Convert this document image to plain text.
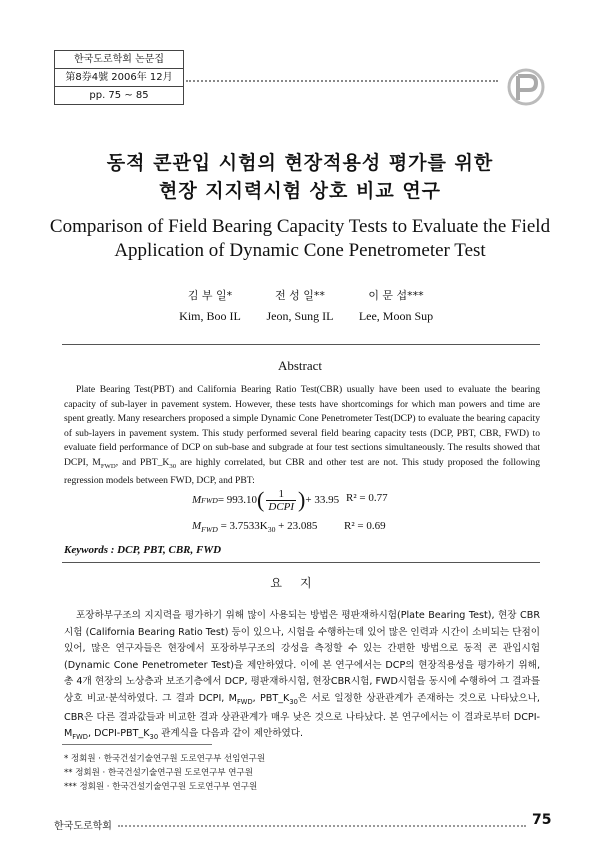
한국도로학회 논문집
第8券4號 2006年 12月
pp. 75 ~ 85
동적 콘관입 시험의 현장적용성 평가를 위한
현장 지지력시험 상호 비교 연구
Comparison of Field Bearing Capacity Tests to Evaluate the Field
Application of Dynamic Cone Penetrometer Test
김 부 일*
Kim, Boo IL
전 성 일**
Jeon, Sung IL
이 문 섭***
Lee, Moon Sup
Abstract
Plate Bearing Test(PBT) and California Bearing Ratio Test(CBR) usually have been used to evaluate the bearing capacity of sub-layer in pavement system. However, these tests have shortcomings for which man powers and time are spent greatly. Many researchers proposed a simple Dynamic Cone Penetrometer Test(DCP) to evaluate the bearing capacity of sub-layers in pavement system. This study performed several field bearing capacity tests (DCP, PBT, CBR, FWD) to evaluate field performance of DCP on sub-base and subgrade at four test sections simultaneously. The results showed that DCPI, $M_{FWD}$, and $PBT\_K_{30}$ are highly correlated, but CBR and other test are not. This study proposed the following regression models between FWD, DCP, and PBT:
M FWD = 993.10 ( 1
DCPI ) + 33.95 R² = 0.77
$M_{FWD} = 3.7533K_{30} + 23.085$ R² = 0.69
Keywords : DCP, PBT, CBR, FWD
요지
포장하부구조의 지지력을 평가하기 위해 많이 사용되는 방법은 평판재하시험(Plate Bearing Test), 현장 CBR 시험 (California Bearing Ratio Test) 등이 있으나, 시험을 수행하는데 있어 많은 인력과 시간이 소비되는 단점이 있어, 많은 연구자들은 현장에서 포장하부구조의 강성을 측정할 수 있는 간편한 방법으로 동적 콘 관입시험(Dynamic Cone Penetrometer Test)을 제안하였다. 이에 본 연구에서는 DCP의 현장적용성을 평가하기 위해, 총 4개 현장의 노상층과 보조기층에서 DCP, 평판재하시험, 현장CBR시험, FWD시험을 동시에 수행하여 그 결과를 상호 비교·분석하였다. 그 결과 DCPI, $M_{FWD}$, $PBT\_K_{30}$은 서로 일정한 상관관계가 존재하는 것으로 나타났으나, CBR은 다른 결과값들과 비교한 결과 상관관계가 매우 낮은 것으로 나타났다. 본 연구에서는 이 결과로부터 DCPI-$M_{FWD}$, DCPI-$PBT\_K_{30}$ 관계식을 다음과 같이 제안하였다.
* 정회원 · 한국건설기술연구원 도로연구부 선임연구원
** 정회원 · 한국건설기술연구원 도로연구부 연구원
*** 정회원 · 한국건설기술연구원 도로연구부 연구원
한국도로학회	75
